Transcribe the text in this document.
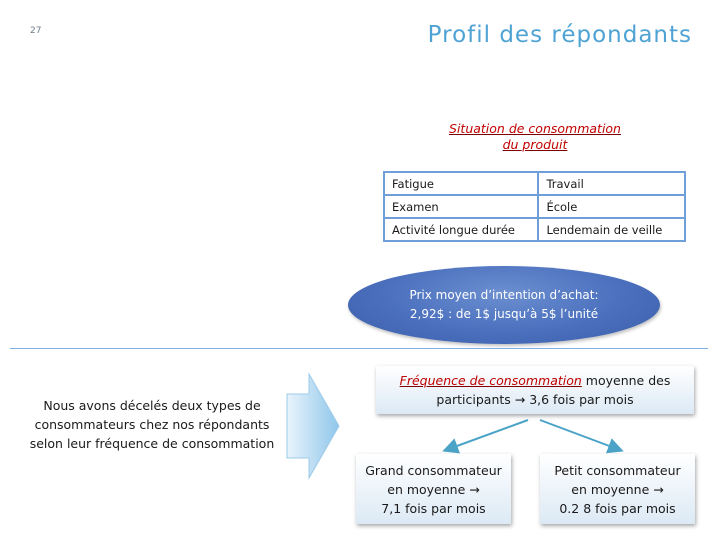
27	Profil des répondants
Situation de consommation
du produit
Fatigue	Travail
Examen	École
Activité longue durée	Lendemain de veille
Prix moyen d’intention d’achat:
2,92$ : de 1$ jusqu’à 5$ l’unité
Nous avons décelés deux types de consommateurs chez nos répondants selon leur fréquence de consommation
Fréquence de consommation moyenne des
participants → 3,6 fois par mois
Grand consommateur
en moyenne →
7,1 fois par mois
Petit consommateur
en moyenne →
0.2 8 fois par mois
